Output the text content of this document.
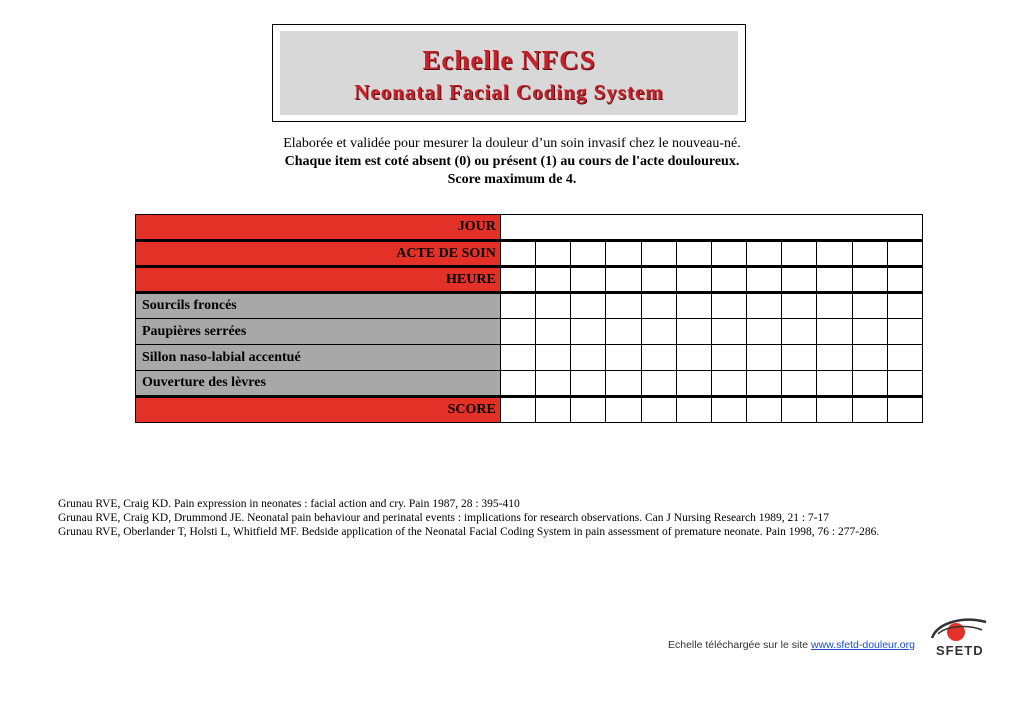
Echelle NFCS
Neonatal Facial Coding System
Elaborée et validée pour mesurer la douleur d’un soin invasif chez le nouveau-né.
Chaque item est coté absent (0) ou présent (1) au cours de l'acte douloureux.
Score maximum de 4.
JOUR												
ACTE DE SOIN												
HEURE												
Sourcils froncés												
Paupières serrées												
Sillon naso-labial accentué												
Ouverture des lèvres												
SCORE												
Grunau RVE, Craig KD. Pain expression in neonates : facial action and cry. Pain 1987, 28 : 395-410
Grunau RVE, Craig KD, Drummond JE. Neonatal pain behaviour and perinatal events : implications for research observations. Can J Nursing Research 1989, 21 : 7-17
Grunau RVE, Oberlander T, Holsti L, Whitfield MF. Bedside application of the Neonatal Facial Coding System in pain assessment of premature neonate. Pain 1998, 76 : 277-286.
Echelle téléchargée sur le site www.sfetd-douleur.org SFETD
